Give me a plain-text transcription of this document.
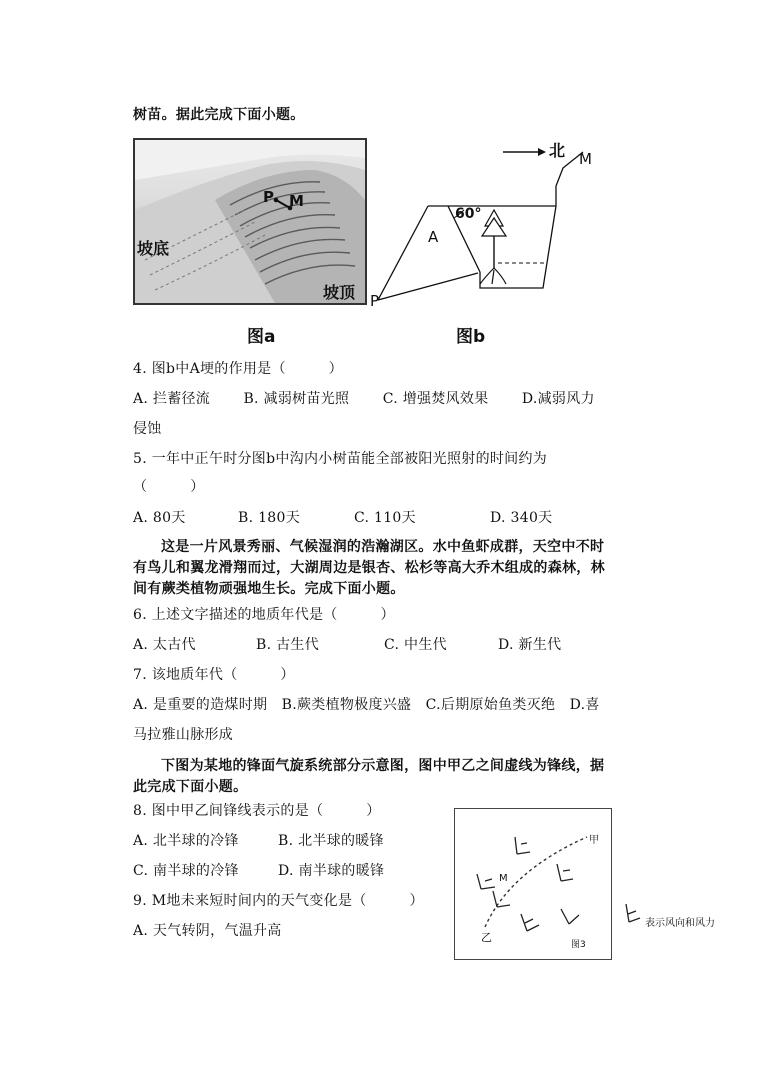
树苗。据此完成下面小题。
P M
坡底
坡顶
图a
北 M
P
A
60°
图b
4. 图b中A埂的作用是（　　　）
A. 拦蓄径流　　 B. 减弱树苗光照　　 C. 增强焚风效果　　 D.减弱风力
侵蚀
5. 一年中正午时分图b中沟内小树苗能全部被阳光照射的时间约为
（　　　）
A. 80天	B. 180天	C. 110天	D. 340天
这是一片风景秀丽、气候湿润的浩瀚湖区。水中鱼虾成群，天空中不时
有鸟儿和翼龙滑翔而过，大湖周边是银杏、松杉等高大乔木组成的森林，林
间有蕨类植物顽强地生长。完成下面小题。
6. 上述文字描述的地质年代是（　　　）
A. 太古代	B. 古生代	C. 中生代	D. 新生代
7. 该地质年代（　　　）
A. 是重要的造煤时期　B.蕨类植物极度兴盛　C.后期原始鱼类灭绝　D.喜
马拉雅山脉形成
下图为某地的锋面气旋系统部分示意图，图中甲乙之间虚线为锋线，据
此完成下面小题。
8. 图中甲乙间锋线表示的是（　　　）
A. 北半球的冷锋	B. 北半球的暖锋
C. 南半球的冷锋	D. 南半球的暖锋
9. M地未来短时间内的天气变化是（　　　）
A. 天气转阴，气温升高
甲
乙
M
图3
表示风向和风力
